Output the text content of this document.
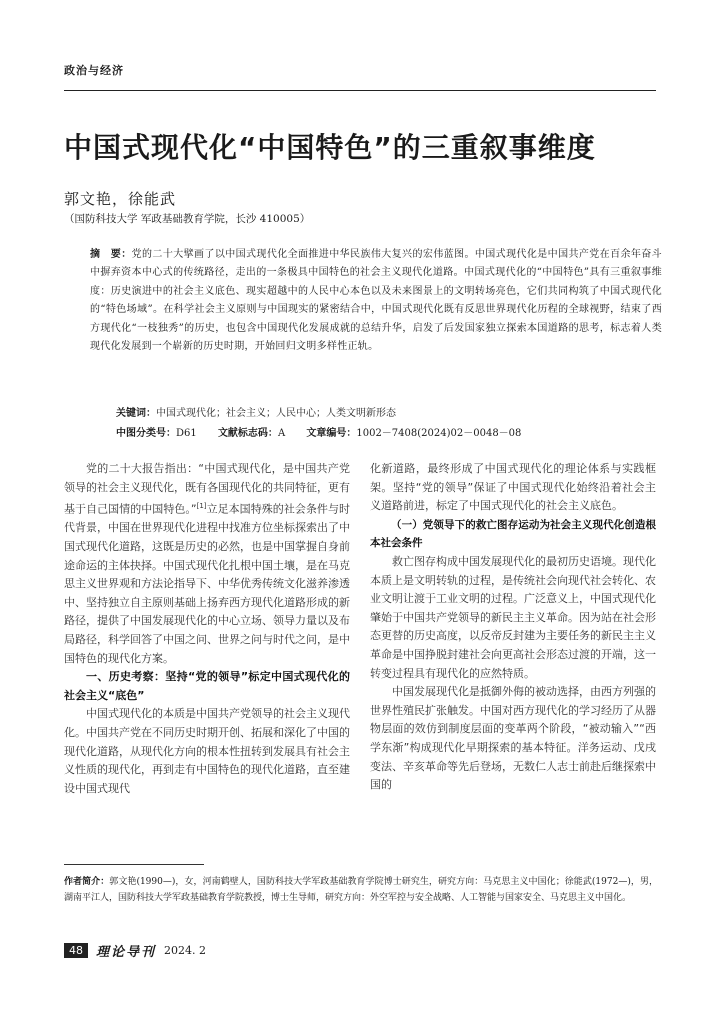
政治与经济
中国式现代化“中国特色”的三重叙事维度
郭文艳，徐能武
（国防科技大学 军政基础教育学院，长沙 410005）
摘　要：党的二十大擘画了以中国式现代化全面推进中华民族伟大复兴的宏伟蓝图。中国式现代化是中国共产党在百余年奋斗中摒弃资本中心式的传统路径，走出的一条极具中国特色的社会主义现代化道路。中国式现代化的“中国特色”具有三重叙事维度：历史演进中的社会主义底色、现实超越中的人民中心本色以及未来图景上的文明转场亮色，它们共同构筑了中国式现代化的“特色场域”。在科学社会主义原则与中国现实的紧密结合中，中国式现代化既有反思世界现代化历程的全球视野，结束了西方现代化“一枝独秀”的历史，也包含中国现代化发展成就的总结升华，启发了后发国家独立探索本国道路的思考，标志着人类现代化发展到一个崭新的历史时期，开始回归文明多样性正轨。
关键词：中国式现代化；社会主义；人民中心；人类文明新形态
中图分类号：D61 文献标志码：A 文章编号：1002－7408(2024)02－0048－08

党的二十大报告指出：“中国式现代化，是中国共产党领导的社会主义现代化，既有各国现代化的共同特征，更有基于自己国情的中国特色。”[1]立足本国特殊的社会条件与时代背景，中国在世界现代化进程中找准方位坐标探索出了中国式现代化道路，这既是历史的必然，也是中国掌握自身前途命运的主体抉择。中国式现代化扎根中国土壤，是在马克思主义世界观和方法论指导下、中华优秀传统文化滋养渗透中、坚持独立自主原则基础上扬弃西方现代化道路形成的新路径，提供了中国发展现代化的中心立场、领导力量以及布局路径，科学回答了中国之问、世界之问与时代之问，是中国特色的现代化方案。

一、历史考察：坚持“党的领导”标定中国式现代化的社会主义“底色”

中国式现代化的本质是中国共产党领导的社会主义现代化。中国共产党在不同历史时期开创、拓展和深化了中国的现代化道路，从现代化方向的根本性扭转到发展具有社会主义性质的现代化，再到走有中国特色的现代化道路，直至建设中国式现代

化新道路，最终形成了中国式现代化的理论体系与实践框架。坚持“党的领导”保证了中国式现代化始终沿着社会主义道路前进，标定了中国式现代化的社会主义底色。

（一）党领导下的救亡图存运动为社会主义现代化创造根本社会条件

救亡图存构成中国发展现代化的最初历史语境。现代化本质上是文明转轨的过程，是传统社会向现代社会转化、农业文明让渡于工业文明的过程。广泛意义上，中国式现代化肇始于中国共产党领导的新民主主义革命。因为站在社会形态更替的历史高度，以反帝反封建为主要任务的新民主主义革命是中国挣脱封建社会向更高社会形态过渡的开端，这一转变过程具有现代化的应然特质。

中国发展现代化是抵御外侮的被动选择，由西方列强的世界性殖民扩张触发。中国对西方现代化的学习经历了从器物层面的效仿到制度层面的变革两个阶段，“被动输入”“西学东渐”构成现代化早期探索的基本特征。洋务运动、戊戌变法、辛亥革命等先后登场，无数仁人志士前赴后继探索中国的

作者简介：郭文艳(1990—)，女，河南鹤壁人，国防科技大学军政基础教育学院博士研究生，研究方向：马克思主义中国化；徐能武(1972—)，男，湖南平江人，国防科技大学军政基础教育学院教授，博士生导师，研究方向：外空军控与安全战略、人工智能与国家安全、马克思主义中国化。
48	理论导刊 2024. 2
